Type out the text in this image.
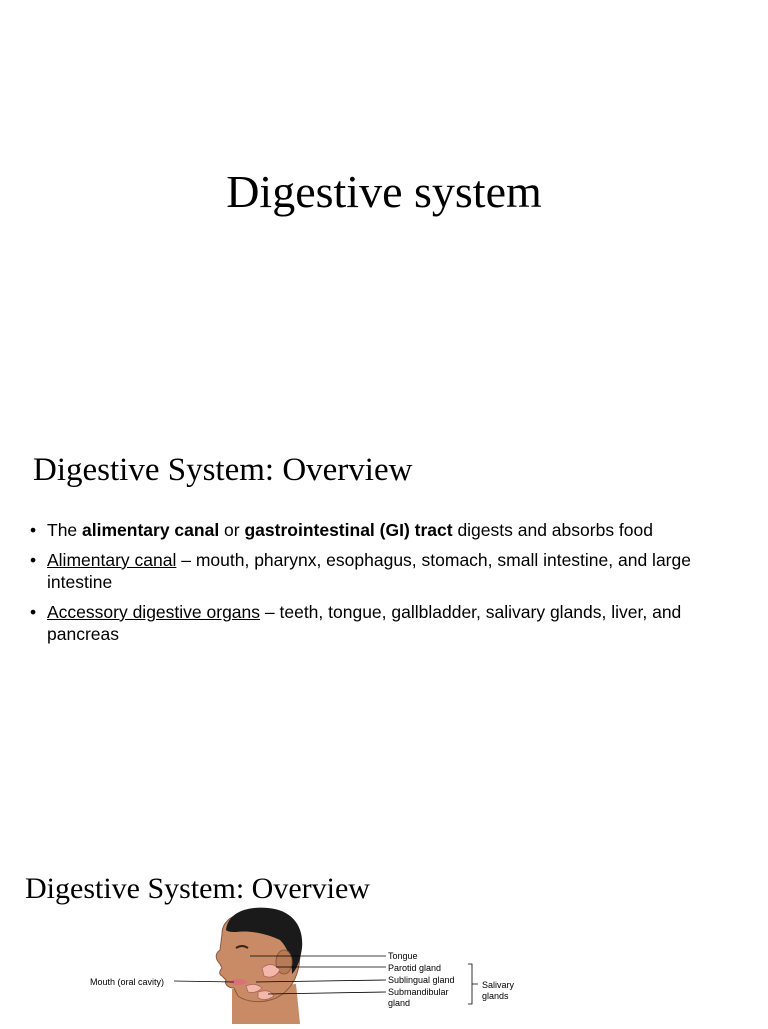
Digestive system
Digestive System: Overview
• The alimentary canal or gastrointestinal (GI) tract digests and absorbs food
• Alimentary canal – mouth, pharynx, esophagus, stomach, small intestine, and large intestine
• Accessory digestive organs – teeth, tongue, gallbladder, salivary glands, liver, and pancreas
Digestive System: Overview
Mouth (oral cavity)
Tongue
Parotid gland
Sublingual gland
Submandibular
gland
Salivary
glands
